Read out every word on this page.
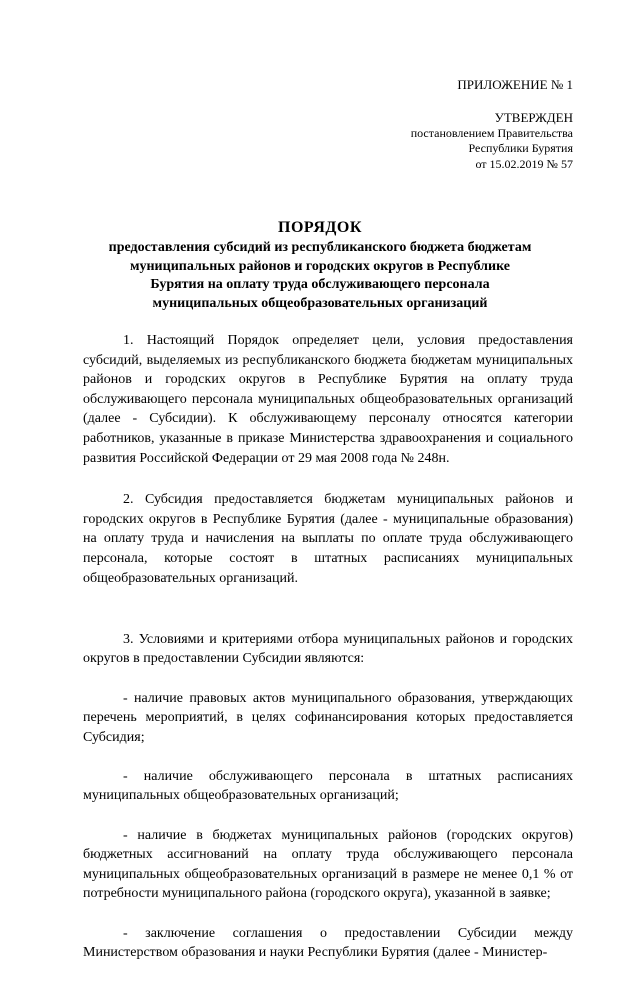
ПРИЛОЖЕНИЕ № 1
УТВЕРЖДЕН
постановлением Правительства
Республики Бурятия
от 15.02.2019 № 57
ПОРЯДОК
предоставления субсидий из республиканского бюджета бюджетам
муниципальных районов и городских округов в Республике
Бурятия на оплату труда обслуживающего персонала
муниципальных общеобразовательных организаций

1. Настоящий Порядок определяет цели, условия предоставления субсидий, выделяемых из республиканского бюджета бюджетам муниципальных районов и городских округов в Республике Бурятия на оплату труда обслуживающего персонала муниципальных общеобразовательных организаций (далее - Субсидии). К обслуживающему персоналу относятся категории работников, указанные в приказе Министерства здравоохранения и социального развития Российской Федерации от 29 мая 2008 года № 248н.

2. Субсидия предоставляется бюджетам муниципальных районов и городских округов в Республике Бурятия (далее - муниципальные образования) на оплату труда и начисления на выплаты по оплате труда обслуживающего персонала, которые состоят в штатных расписаниях муниципальных общеобразовательных организаций.

3. Условиями и критериями отбора муниципальных районов и городских округов в предоставлении Субсидии являются:

- наличие правовых актов муниципального образования, утверждающих перечень мероприятий, в целях софинансирования которых предоставляется Субсидия;

- наличие обслуживающего персонала в штатных расписаниях муниципальных общеобразовательных организаций;

- наличие в бюджетах муниципальных районов (городских округов) бюджетных ассигнований на оплату труда обслуживающего персонала муниципальных общеобразовательных организаций в размере не менее 0,1 % от потребности муниципального района (городского округа), указанной в заявке;

- заключение соглашения о предоставлении Субсидии между Министерством образования и науки Республики Бурятия (далее - Министер-
